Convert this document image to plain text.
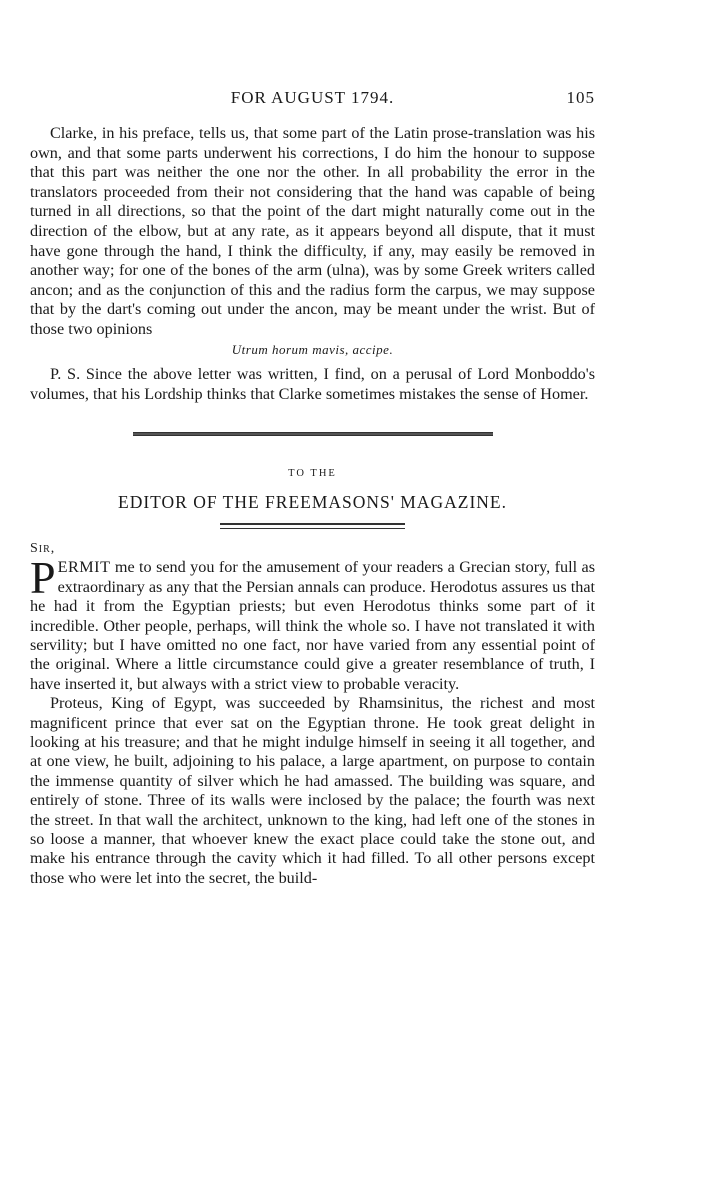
FOR AUGUST 1794.	105

Clarke, in his preface, tells us, that some part of the Latin prose-translation was his own, and that some parts underwent his corrections, I do him the honour to suppose that this part was neither the one nor the other. In all probability the error in the translators proceeded from their not considering that the hand was capable of being turned in all directions, so that the point of the dart might naturally come out in the direction of the elbow, but at any rate, as it appears beyond all dispute, that it must have gone through the hand, I think the difficulty, if any, may easily be removed in another way; for one of the bones of the arm (ulna), was by some Greek writers called ancon; and as the conjunction of this and the radius form the carpus, we may suppose that by the dart's coming out under the ancon, may be meant under the wrist. But of those two opinions

Utrum horum mavis, accipe.

P. S. Since the above letter was written, I find, on a perusal of Lord Monboddo's volumes, that his Lordship thinks that Clarke sometimes mistakes the sense of Homer.

TO THE
EDITOR OF THE FREEMASONS' MAGAZINE.
Sir,

PERMIT me to send you for the amusement of your readers a Grecian story, full as extraordinary as any that the Persian annals can produce. Herodotus assures us that he had it from the Egyptian priests; but even Herodotus thinks some part of it incredible. Other people, perhaps, will think the whole so. I have not translated it with servility; but I have omitted no one fact, nor have varied from any essential point of the original. Where a little circumstance could give a greater resemblance of truth, I have inserted it, but always with a strict view to probable veracity.

Proteus, King of Egypt, was succeeded by Rhamsinitus, the richest and most magnificent prince that ever sat on the Egyptian throne. He took great delight in looking at his treasure; and that he might indulge himself in seeing it all together, and at one view, he built, adjoining to his palace, a large apartment, on purpose to contain the immense quantity of silver which he had amassed. The building was square, and entirely of stone. Three of its walls were inclosed by the palace; the fourth was next the street. In that wall the architect, unknown to the king, had left one of the stones in so loose a manner, that whoever knew the exact place could take the stone out, and make his entrance through the cavity which it had filled. To all other persons except those who were let into the secret, the build-
